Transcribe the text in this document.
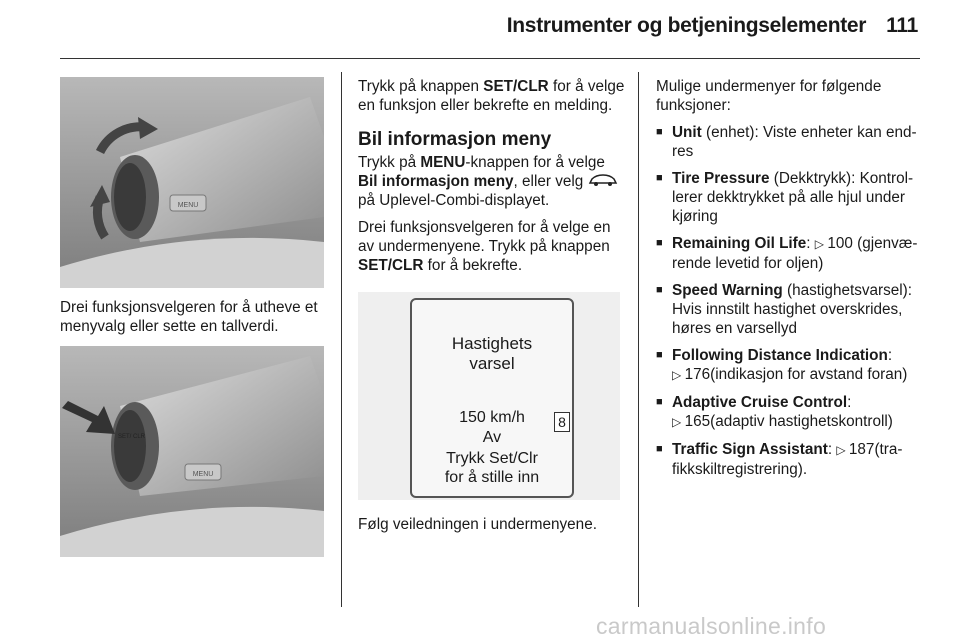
Instrumenter og betjeningselementer 111
MENU

Drei funksjonsvelgeren for å utheve et menyvalg eller sette en tallverdi.

SET/ CLR
MENU

Trykk på knappen SET/CLR for å velge en funksjon eller bekrefte en melding.

Bil informasjon meny

Trykk på MENU-knappen for å velge Bil informasjon meny, eller velg  på Uplevel-Combi-displayet.

Drei funksjonsvelgeren for å velge en av undermenyene. Trykk på knappen SET/CLR for å bekrefte.

Hastighets
varsel
150 km/h
Av
Trykk Set/Clr
for å stille inn
8

Følg veiledningen i undermenyene.

Mulige undermenyer for følgende funksjoner:

■ Unit (enhet): Viste enheter kan end-res
■ Tire Pressure (Dekktrykk): Kontrol-lerer dekktrykket på alle hjul under kjøring
■ Remaining Oil Life: ▷ 100 (gjenvæ-rende levetid for oljen)
■ Speed Warning (hastighetsvarsel): Hvis innstilt hastighet overskrides, høres en varsellyd
■ Following Distance Indication:
▷ 176(indikasjon for avstand foran)
■ Adaptive Cruise Control:
▷ 165(adaptiv hastighetskontroll)
■ Traffic Sign Assistant: ▷ 187(tra-fikkskiltregistrering).
carmanualsonline.info
